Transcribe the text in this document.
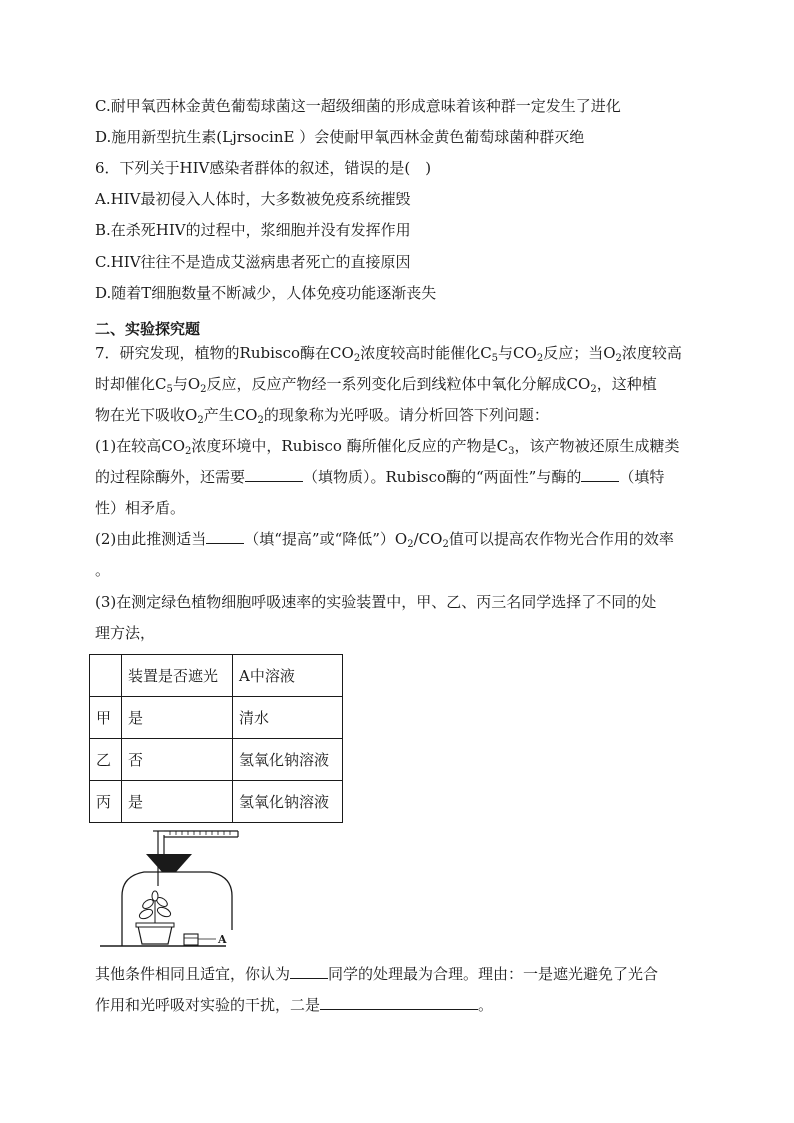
C.耐甲氧西林金黄色葡萄球菌这一超级细菌的形成意味着该种群一定发生了进化
D.施用新型抗生素(LjrsocinE ）会使耐甲氧西林金黄色葡萄球菌种群灭绝
6．下列关于HIV感染者群体的叙述，错误的是(　)
A.HIV最初侵入人体时，大多数被免疫系统摧毁
B.在杀死HIV的过程中，浆细胞并没有发挥作用
C.HIV往往不是造成艾滋病患者死亡的直接原因
D.随着T细胞数量不断减少，人体免疫功能逐渐丧失
二、实验探究题
7．研究发现，植物的Rubisco酶在$CO_2$浓度较高时能催化$C_5$与$CO_2$反应；当$O_2$浓度较高
时却催化$C_5$与$O_2$反应，反应产物经一系列变化后到线粒体中氧化分解成$CO_2$，这种植
物在光下吸收$O_2$产生$CO_2$的现象称为光呼吸。请分析回答下列问题：
(1)在较高$CO_2$浓度环境中，Rubisco 酶所催化反应的产物是$C_3$，该产物被还原生成糖类
的过程除酶外，还需要	（填物质）。Rubisco酶的“两面性”与酶的	（填特
性）相矛盾。
(2)由此推测适当	（填“提高”或“降低$”)O_2/CO_2$值可以提高农作物光合作用的效率
。
(3)在测定绿色植物细胞呼吸速率的实验装置中，甲、乙、丙三名同学选择了不同的处
理方法，
	装置是否遮光	A中溶液
甲	是	清水
乙	否	氢氧化钠溶液
丙	是	氢氧化钠溶液
A
其他条件相同且适宜，你认为	同学的处理最为合理。理由：一是遮光避免了光合
作用和光呼吸对实验的干扰，二是	。
